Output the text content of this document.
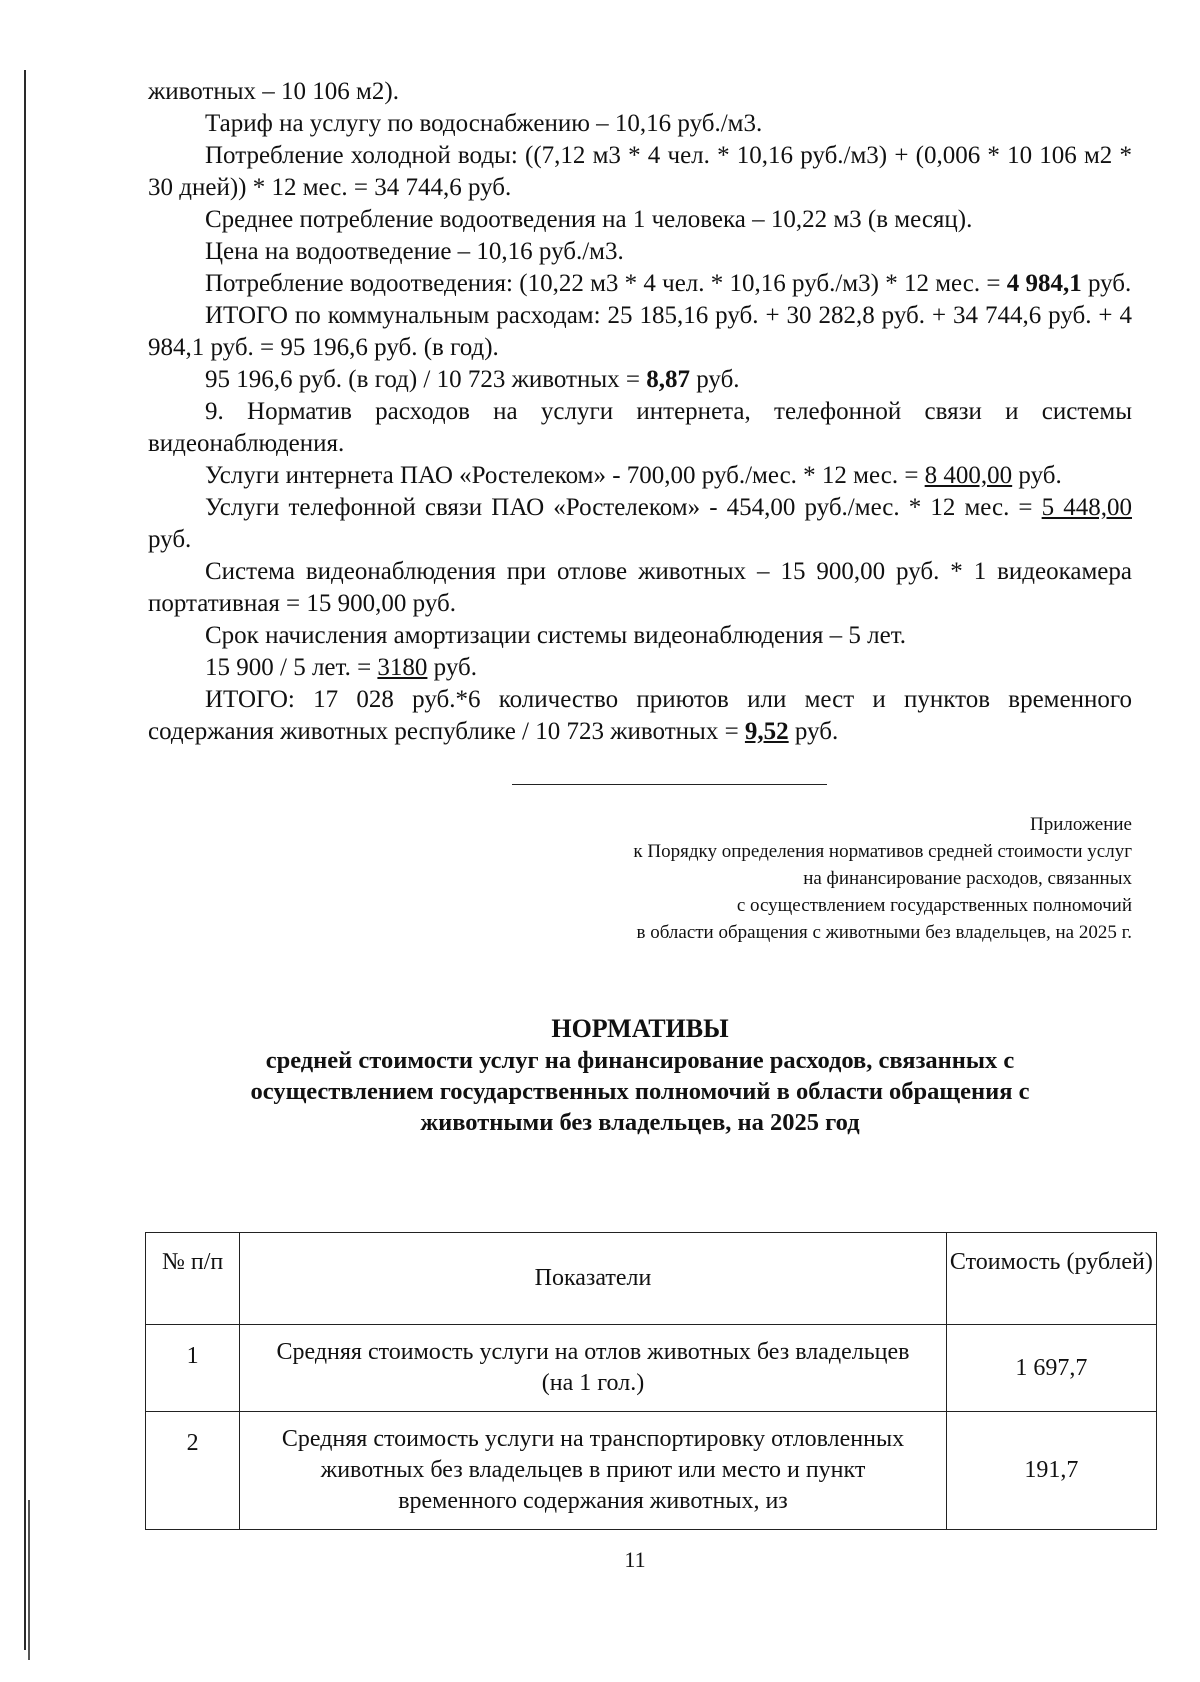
животных – 10 106 м2).

Тариф на услугу по водоснабжению – 10,16 руб./м3.

Потребление холодной воды: ((7,12 м3 * 4 чел. * 10,16 руб./м3) + (0,006 * 10 106 м2 * 30 дней)) * 12 мес. = 34 744,6 руб.

Среднее потребление водоотведения на 1 человека – 10,22 м3 (в месяц).

Цена на водоотведение – 10,16 руб./м3.

Потребление водоотведения: (10,22 м3 * 4 чел. * 10,16 руб./м3) * 12 мес. = 4 984,1 руб.

ИТОГО по коммунальным расходам: 25 185,16 руб. + 30 282,8 руб. + 34 744,6 руб. + 4 984,1 руб. = 95 196,6 руб. (в год).

95 196,6 руб. (в год) / 10 723 животных = 8,87 руб.

9. Норматив расходов на услуги интернета, телефонной связи и системы видеонаблюдения.

Услуги интернета ПАО «Ростелеком» - 700,00 руб./мес. * 12 мес. = 8 400,00 руб.

Услуги телефонной связи ПАО «Ростелеком» - 454,00 руб./мес. * 12 мес. = 5 448,00 руб.

Система видеонаблюдения при отлове животных – 15 900,00 руб. * 1 видеокамера портативная = 15 900,00 руб.

Срок начисления амортизации системы видеонаблюдения – 5 лет.

15 900 / 5 лет. = 3180 руб.

ИТОГО: 17 028 руб.*6 количество приютов или мест и пунктов временного содержания животных республике / 10 723 животных = 9,52 руб.

Приложение
к Порядку определения нормативов средней стоимости услуг
на финансирование расходов, связанных
с осуществлением государственных полномочий
в области обращения с животными без владельцев, на 2025 г.
НОРМАТИВЫ
средней стоимости услуг на финансирование расходов, связанных с осуществлением государственных полномочий в области обращения с животными без владельцев, на 2025 год
№ п/п	Показатели	Стоимость (рублей)
1	Средняя стоимость услуги на отлов животных без владельцев (на 1 гол.)	1 697,7
2	Средняя стоимость услуги на транспортировку отловленных животных без владельцев в приют или место и пункт временного содержания животных, из	191,7
11
